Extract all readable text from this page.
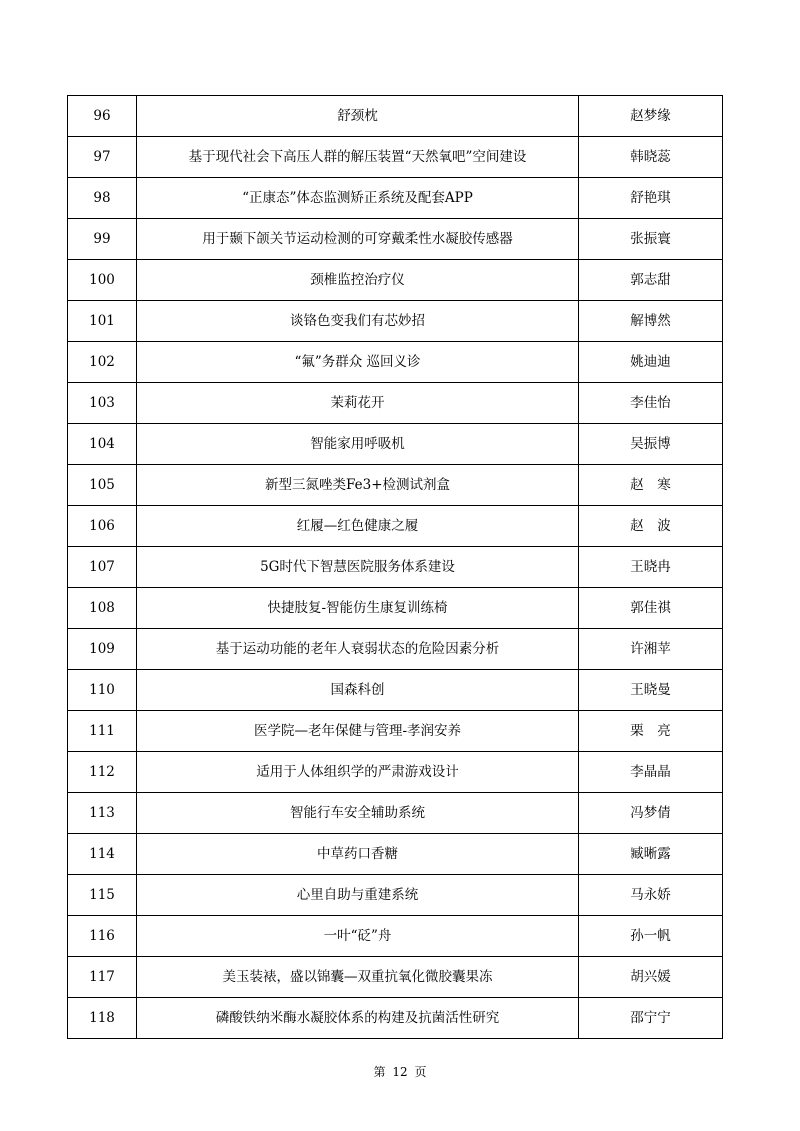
96	舒颈枕	赵梦缘
97	基于现代社会下高压人群的解压装置“天然氧吧”空间建设	韩晓蕊
98	“正康态”体态监测矫正系统及配套APP	舒艳琪
99	用于颞下颌关节运动检测的可穿戴柔性水凝胶传感器	张振寰
100	颈椎监控治疗仪	郭志甜
101	谈铬色变我们有芯妙招	解博然
102	“氟”务群众 巡回义诊	姚迪迪
103	茉莉花开	李佳怡
104	智能家用呼吸机	吴振博
105	新型三氮唑类Fe3+检测试剂盒	赵　寒
106	红履—红色健康之履	赵　波
107	5G时代下智慧医院服务体系建设	王晓冉
108	快捷肢复-智能仿生康复训练椅	郭佳祺
109	基于运动功能的老年人衰弱状态的危险因素分析	许湘苹
110	国森科创	王晓曼
111	医学院—老年保健与管理-孝润安养	栗　亮
112	适用于人体组织学的严肃游戏设计	李晶晶
113	智能行车安全辅助系统	冯梦倩
114	中草药口香糖	臧晰露
115	心里自助与重建系统	马永娇
116	一叶“砭”舟	孙一帆
117	美玉装裱，盛以锦囊—双重抗氧化微胶囊果冻	胡兴媛
118	磷酸铁纳米酶水凝胶体系的构建及抗菌活性研究	邵宁宁
第 12 页
